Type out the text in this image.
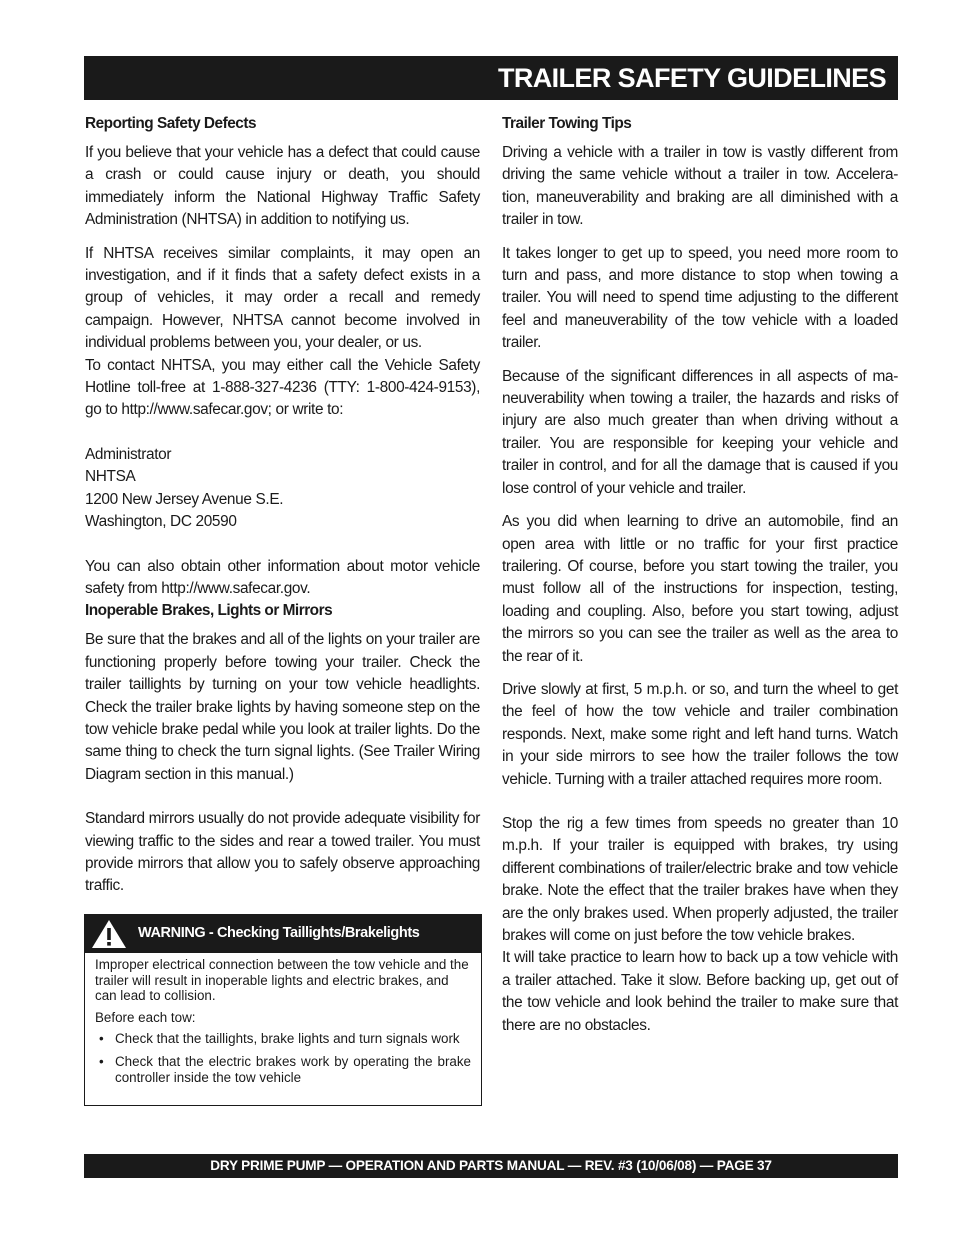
TRAILER SAFETY GUIDELINES
Reporting Safety Defects

If you believe that your vehicle has a defect that could cause a crash or could cause injury or death, you should immediately inform the National Highway Traffic Safety Administration (NHTSA) in addition to notifying us.

If NHTSA receives similar complaints, it may open an investigation, and if it finds that a safety defect exists in a group of vehicles, it may order a recall and remedy campaign. However, NHTSA cannot become involved in individual problems between you, your dealer, or us.

To contact NHTSA, you may either call the Vehicle Safety Hotline toll-free at 1-888-327-4236 (TTY: 1-800-424-9153), go to http://www.safecar.gov; or write to:

Administrator
NHTSA
1200 New Jersey Avenue S.E.
Washington, DC 20590

You can also obtain other information about motor vehicle safety from http://www.safecar.gov.

Inoperable Brakes, Lights or Mirrors

Be sure that the brakes and all of the lights on your trailer are functioning properly before towing your trailer. Check the trailer taillights by turning on your tow vehicle headlights. Check the trailer brake lights by having someone step on the tow vehicle brake pedal while you look at trailer lights. Do the same thing to check the turn signal lights. (See Trailer Wiring Diagram section in this manual.)

Standard mirrors usually do not provide adequate visibility for viewing traffic to the sides and rear a towed trailer. You must provide mirrors that allow you to safely observe approaching traffic.

WARNING - Checking Taillights/Brakelights

Improper electrical connection between the tow vehicle and the trailer will result in inoperable lights and electric brakes, and can lead to collision.

Before each tow:

• Check that the taillights, brake lights and turn signals work
• Check that the electric brakes work by operating the brake controller inside the tow vehicle
Trailer Towing Tips

Driving a vehicle with a trailer in tow is vastly different from driving the same vehicle without a trailer in tow. Accelera-tion, maneuverability and braking are all diminished with a trailer in tow.

It takes longer to get up to speed, you need more room to turn and pass, and more distance to stop when towing a trailer. You will need to spend time adjusting to the different feel and maneuverability of the tow vehicle with a loaded trailer.

Because of the significant differences in all aspects of ma-neuverability when towing a trailer, the hazards and risks of injury are also much greater than when driving without a trailer. You are responsible for keeping your vehicle and trailer in control, and for all the damage that is caused if you lose control of your vehicle and trailer.

As you did when learning to drive an automobile, find an open area with little or no traffic for your first practice trailering. Of course, before you start towing the trailer, you must follow all of the instructions for inspection, testing, loading and coupling. Also, before you start towing, adjust the mirrors so you can see the trailer as well as the area to the rear of it.

Drive slowly at first, 5 m.p.h. or so, and turn the wheel to get the feel of how the tow vehicle and trailer combination responds. Next, make some right and left hand turns. Watch in your side mirrors to see how the trailer follows the tow vehicle. Turning with a trailer attached requires more room.

Stop the rig a few times from speeds no greater than 10 m.p.h. If your trailer is equipped with brakes, try using different combinations of trailer/electric brake and tow vehicle brake. Note the effect that the trailer brakes have when they are the only brakes used. When properly adjusted, the trailer brakes will come on just before the tow vehicle brakes.

It will take practice to learn how to back up a tow vehicle with a trailer attached. Take it slow. Before backing up, get out of the tow vehicle and look behind the trailer to make sure that there are no obstacles.

DRY PRIME PUMP — OPERATION AND PARTS MANUAL — REV. #3 (10/06/08) — PAGE 37
